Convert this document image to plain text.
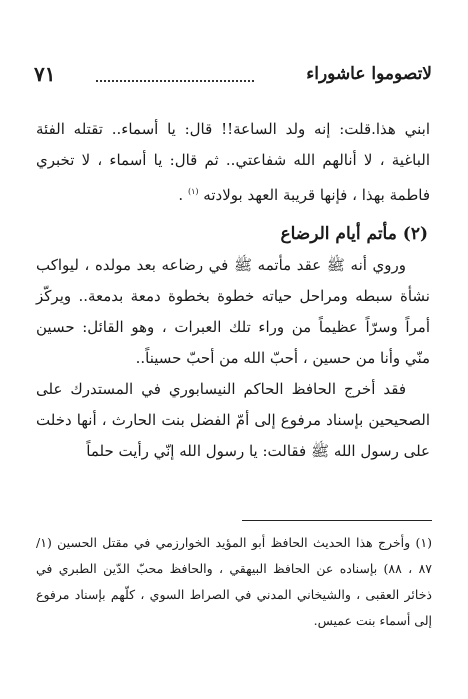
لاتصوموا عاشوراء
٧١

ابني هذا.قلت: إنه ولد الساعة!! قال: يا أسماء.. تقتله الفئة الباغية ، لا أنالهم الله شفاعتي.. ثم قال: يا أسماء ، لا تخبري فاطمة بهذا ، فإنها قريبة العهد بولادته $^{(١)}$ .

(٢) مأتم أيام الرضاع

وروي أنه ﷺ عقد مأتمه ﷺ في رضاعه بعد مولده ، ليواكب نشأة سبطه ومراحل حياته خطوة بخطوة دمعة بدمعة.. ويركّز أمراً وسرّاً عظيماً من وراء تلك العبرات ، وهو القائل: حسين منّي وأنا من حسين ، أحبّ الله من أحبّ حسيناً..

فقد أخرج الحافظ الحاكم النيسابوري في المستدرك على الصحيحين بإسناد مرفوع إلى أمّ الفضل بنت الحارث ، أنها دخلت على رسول الله ﷺ فقالت: يا رسول الله إنّي رأيت حلماً

(١) وأخرج هذا الحديث الحافظ أبو المؤيد الخوارزمي في مقتل الحسين (١/ ٨٧ ، ٨٨) بإسناده عن الحافظ البيهقي ، والحافظ محبّ الدّين الطبري في ذخائر العقبى ، والشيخاني المدني في الصراط السوي ، كلّهم بإسناد مرفوع إلى أسماء بنت عميس.
